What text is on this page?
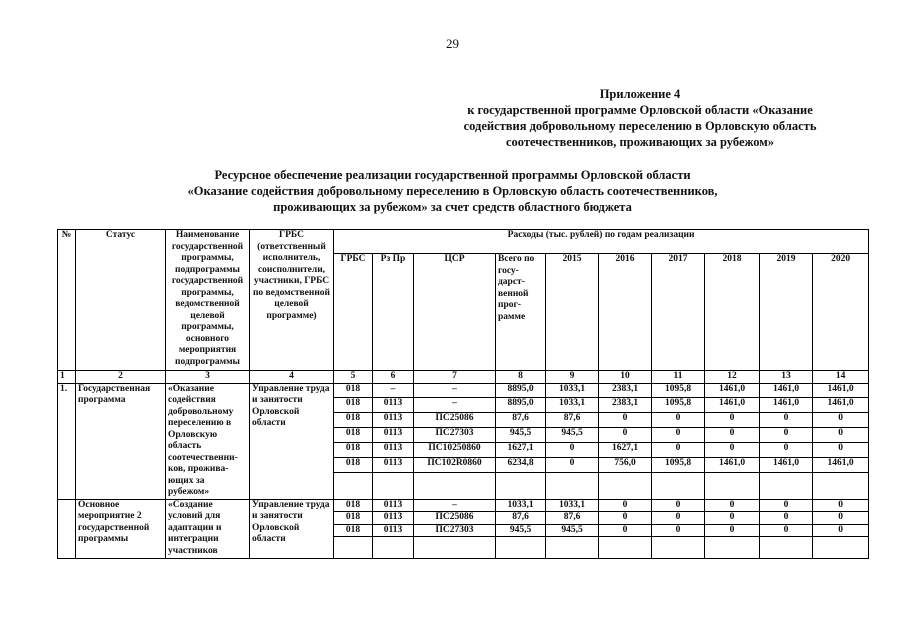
29
Приложение 4
к государственной программе Орловской области «Оказание
содействия добровольному переселению в Орловскую область
соотечественников, проживающих за рубежом»
Ресурсное обеспечение реализации государственной программы Орловской области
«Оказание содействия добровольному переселению в Орловскую область соотечественников,
проживающих за рубежом» за счет средств областного бюджета
№	Статус	Наименование государственной программы, подпрограммы государственной программы, ведомственной целевой программы, основного мероприятия подпрограммы	ГРБС (ответственный исполнитель, соисполнители, участники, ГРБС по ведомственной целевой программе)	Расходы (тыс. рублей) по годам реализации									
				ГРБС	Рз Пр	ЦСР	Всего по госу-дарст-венной прог-рамме	2015	2016	2017	2018	2019	2020
1	2	3	4	5	6	7	8	9	10	11	12	13	14
1.	Государственная программа	«Оказание содействия добровольному переселению в Орловскую область соотечественни-ков, прожива-ющих за рубежом»	Управление труда и занятости Орловской области	018	–	–	8895,0	1033,1	2383,1	1095,8	1461,0	1461,0	1461,0
				018	0113	–	8895,0	1033,1	2383,1	1095,8	1461,0	1461,0	1461,0
				018	0113	ПС25086	87,6	87,6	0	0	0	0	0
				018	0113	ПС27303	945,5	945,5	0	0	0	0	0
				018	0113	ПС10250860	1627,1	0	1627,1	0	0	0	0
				018	0113	ПС102R0860	6234,8	0	756,0	1095,8	1461,0	1461,0	1461,0

	Основное мероприятие 2 государственной программы	«Создание условий для адаптации и интеграции участников	Управление труда и занятости Орловской области	018	0113	–	1033,1	1033,1	0	0	0	0	0
				018	0113	ПС25086	87,6	87,6	0	0	0	0	0
				018	0113	ПС27303	945,5	945,5	0	0	0	0	0
